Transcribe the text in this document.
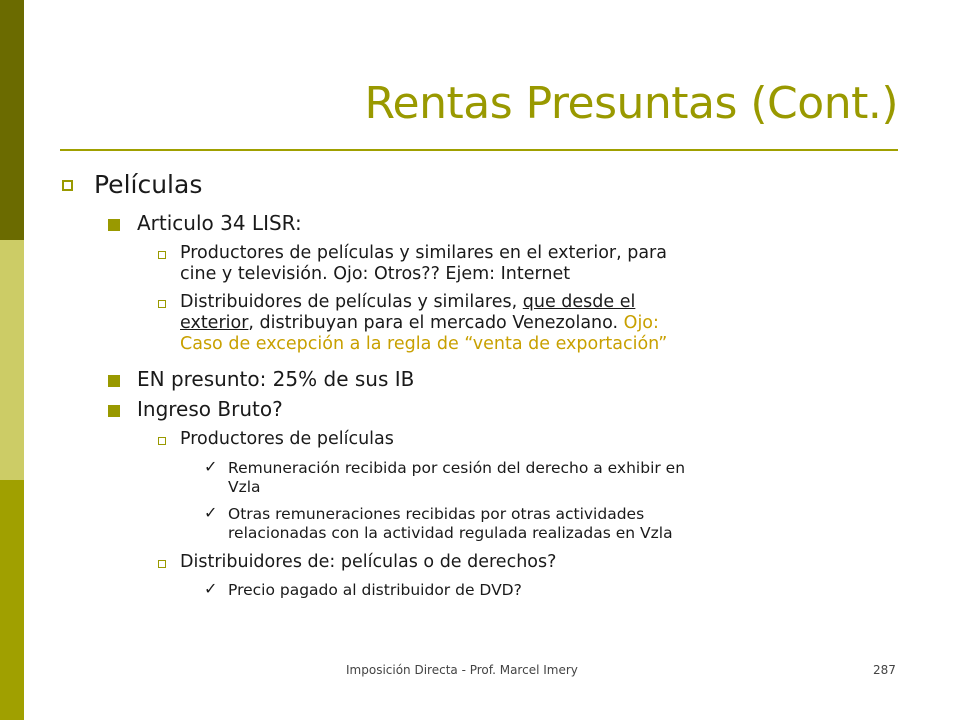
Rentas Presuntas (Cont.)
Películas
Articulo 34 LISR:
Productores de películas y similares en el exterior, para
cine y televisión. Ojo: Otros?? Ejem: Internet
Distribuidores de películas y similares, que desde el
exterior, distribuyan para el mercado Venezolano. Ojo:
Caso de excepción a la regla de “venta de exportación”
EN presunto: 25% de sus IB
Ingreso Bruto?
Productores de películas
✓ Remuneración recibida por cesión del derecho a exhibir en
Vzla
✓ Otras remuneraciones recibidas por otras actividades
relacionadas con la actividad regulada realizadas en Vzla
Distribuidores de: películas o de derechos?
✓ Precio pagado al distribuidor de DVD?
Imposición Directa - Prof. Marcel Imery	287
